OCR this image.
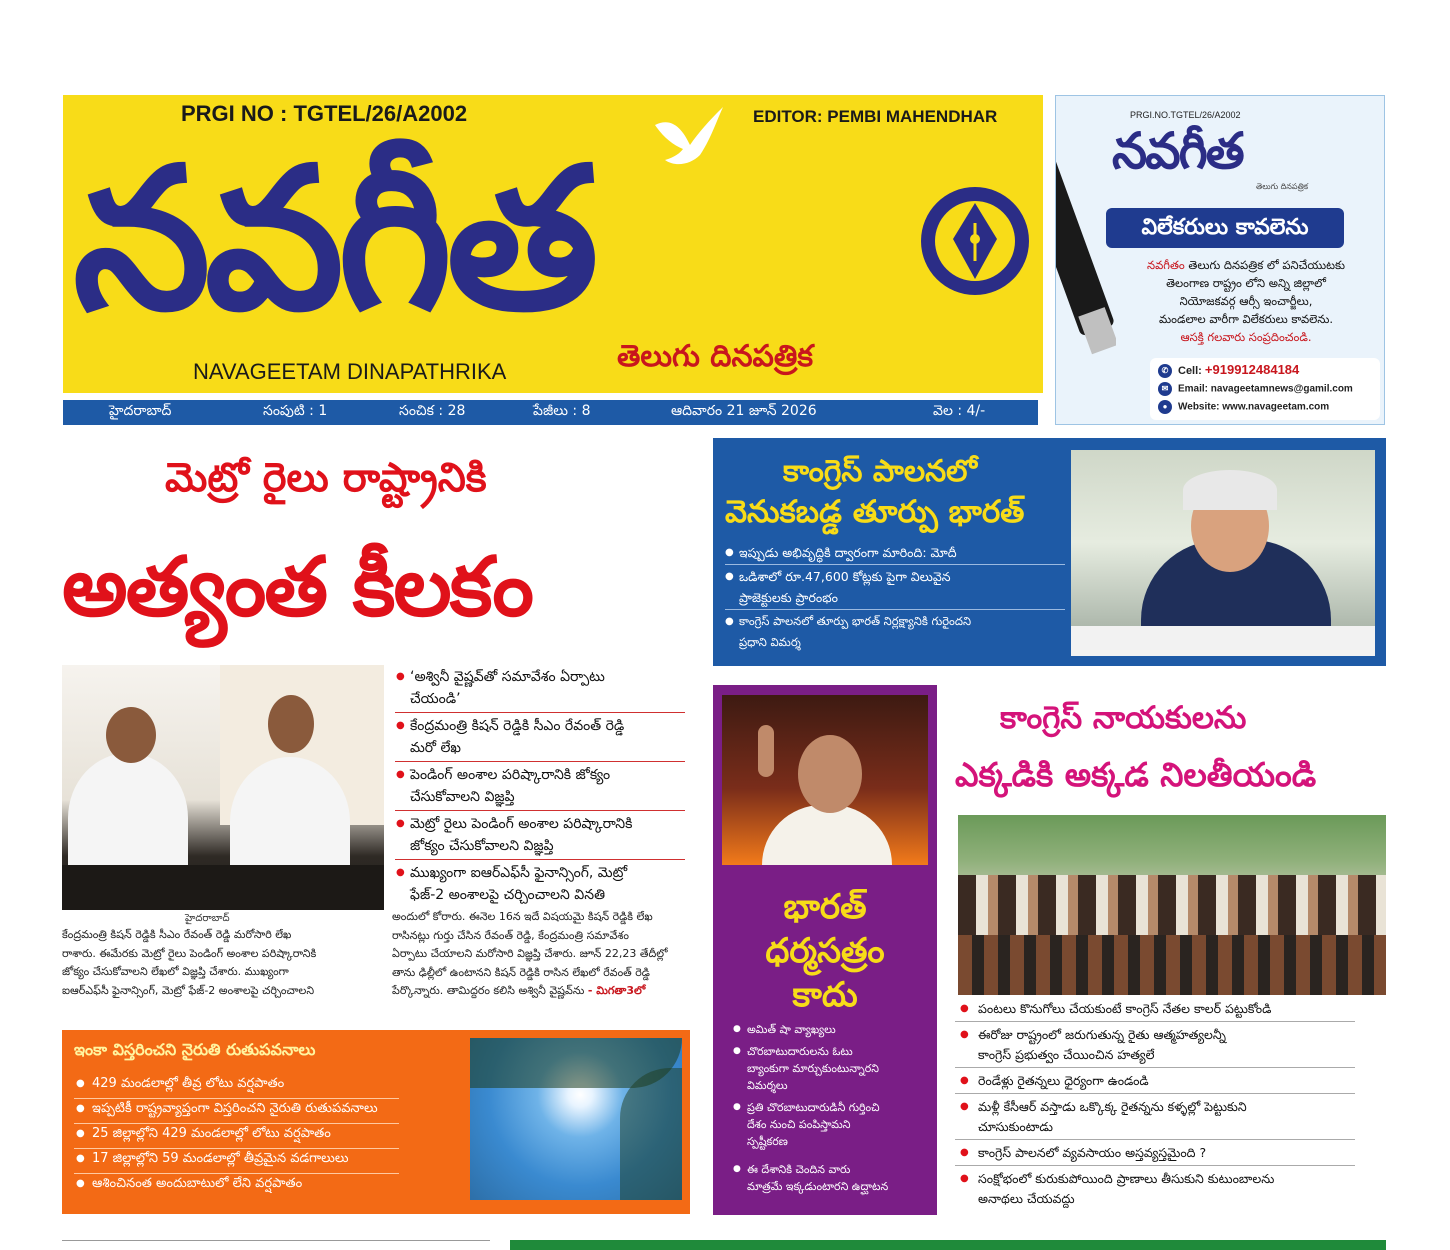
PRGI NO : TGTEL/26/A2002	EDITOR: PEMBI MAHENDHAR
నవగీత
NAVAGEETAM DINAPATHRIKA	తెలుగు దినపత్రిక
హైదరాబాద్	సంపుటి : 1	సంచిక : 28	పేజీలు : 8	ఆదివారం 21 జూన్ 2026	వెల : 4/-
PRGI.NO.TGTEL/26/A2002
నవగీత
తెలుగు దినపత్రిక
విలేకరులు కావలెను
నవగీతం తెలుగు దినపత్రిక లో పనిచేయుటకు
తెలంగాణ రాష్ట్రం లోని అన్ని జిల్లాలో
నియోజకవర్గ ఆర్సీ ఇంచార్జీలు,
మండలాల వారీగా విలేకరులు కావలెను.
ఆసక్తి గలవారు సంప్రదించండి.
✆ Cell: +919912484184
✉ Email: navageetamnews@gamil.com
● Website: www.navageetam.com
మెట్రో రైలు రాష్ట్రానికి
అత్యంత కీలకం
హైదరాబాద్
● ‘అశ్వినీ వైష్ణవ్‌తో సమావేశం ఏర్పాటు
చేయండి’
● కేంద్రమంత్రి కిషన్ రెడ్డికి సీఎం రేవంత్ రెడ్డి
మరో లేఖ
● పెండింగ్ అంశాల పరిష్కారానికి జోక్యం
చేసుకోవాలని విజ్ఞప్తి
● మెట్రో రైలు పెండింగ్ అంశాల పరిష్కారానికి
జోక్యం చేసుకోవాలని విజ్ఞప్తి
● ముఖ్యంగా ఐఆర్ఎఫ్‌సీ ఫైనాన్సింగ్, మెట్రో
ఫేజ్-2 అంశాలపై చర్చించాలని వినతి
కేంద్రమంత్రి కిషన్ రెడ్డికి సీఎం రేవంత్ రెడ్డి మరోసారి లేఖ
రాశారు. ఈమేరకు మెట్రో రైలు పెండింగ్ అంశాల పరిష్కారానికి
జోక్యం చేసుకోవాలని లేఖలో విజ్ఞప్తి చేశారు. ముఖ్యంగా
ఐఆర్ఎఫ్‌సీ ఫైనాన్సింగ్, మెట్రో ఫేజ్-2 అంశాలపై చర్చించాలని
అందులో కోరారు. ఈనెల 16న ఇదే విషయమై కిషన్ రెడ్డికి లేఖ
రాసినట్లు గుర్తు చేసిన రేవంత్ రెడ్డి, కేంద్రమంత్రి సమావేశం
ఏర్పాటు చేయాలని మరోసారి విజ్ఞప్తి చేశారు. జూన్ 22,23 తేదీల్లో
తాను ఢిల్లీలో ఉంటానని కిషన్ రెడ్డికి రాసిన లేఖలో రేవంత్ రెడ్డి
పేర్కొన్నారు. తామిద్దరం కలిసి అశ్వినీ వైష్ణవ్‌ను - మిగతా3లో
ఇంకా విస్తరించని నైరుతి రుతుపవనాలు
● 429 మండలాల్లో తీవ్ర లోటు వర్షపాతం
● ఇప్పటికీ రాష్ట్రవ్యాప్తంగా విస్తరించని నైరుతి రుతుపవనాలు
● 25 జిల్లాల్లోని 429 మండలాల్లో లోటు వర్షపాతం
● 17 జిల్లాల్లోని 59 మండలాల్లో తీవ్రమైన వడగాలులు
● ఆశించినంత అందుబాటులో లేని వర్షపాతం
కాంగ్రెస్ పాలనలో
వెనుకబడ్డ తూర్పు భారత్
● ఇప్పుడు అభివృద్ధికి ద్వారంగా మారింది: మోదీ
● ఒడిశాలో రూ.47,600 కోట్లకు పైగా విలువైన
ప్రాజెక్టులకు ప్రారంభం
● కాంగ్రెస్ పాలనలో తూర్పు భారత్ నిర్లక్ష్యానికి గురైందని
ప్రధాని విమర్శ
భారత్
ధర్మసత్రం
కాదు
● అమిత్ షా వ్యాఖ్యలు
● చొరబాటుదారులను ఓటు
బ్యాంకుగా మార్చుకుంటున్నారని
విమర్శలు
● ప్రతి చొరబాటుదారుడినీ గుర్తించి
దేశం నుంచి పంపిస్తామని
స్పష్టీకరణ
● ఈ దేశానికి చెందిన వారు
మాత్రమే ఇక్కడుంటారని ఉద్ఘాటన
కాంగ్రెస్ నాయకులను
ఎక్కడికి అక్కడ నిలతీయండి
● పంటలు కొనుగోలు చేయకుంటే కాంగ్రెస్ నేతల కాలర్ పట్టుకోండి
● ఈరోజు రాష్ట్రంలో జరుగుతున్న రైతు ఆత్మహత్యలన్నీ
కాంగ్రెస్ ప్రభుత్వం చేయించిన హత్యలే
● రెండేళ్లు రైతన్నలు ధైర్యంగా ఉండండి
● మళ్లీ కేసీఆర్ వస్తాడు ఒక్కొక్క రైతన్నను కళ్ళల్లో పెట్టుకుని
చూసుకుంటాడు
● కాంగ్రెస్ పాలనలో వ్యవసాయం అస్తవ్యస్తమైంది ?
● సంక్షోభంలో కురుకుపోయింది ప్రాణాలు తీసుకుని కుటుంబాలను
అనాథలు చేయవద్దు
